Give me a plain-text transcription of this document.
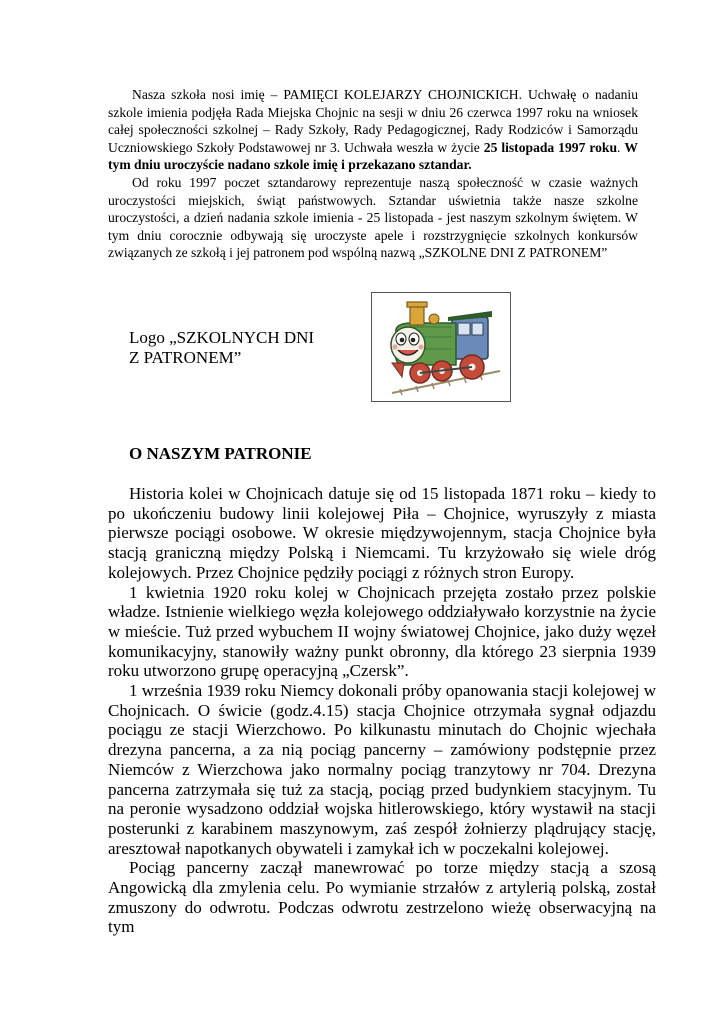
Nasza szkoła nosi imię – PAMIĘCI KOLEJARZY CHOJNICKICH. Uchwałę o nadaniu szkole imienia podjęła Rada Miejska Chojnic na sesji w dniu 26 czerwca 1997 roku na wniosek całej społeczności szkolnej – Rady Szkoły, Rady Pedagogicznej, Rady Rodziców i Samorządu Uczniowskiego Szkoły Podstawowej nr 3. Uchwała weszła w życie 25 listopada 1997 roku. W tym dniu uroczyście nadano szkole imię i przekazano sztandar.

Od roku 1997 poczet sztandarowy reprezentuje naszą społeczność w czasie ważnych uroczystości miejskich, świąt państwowych. Sztandar uświetnia także nasze szkolne uroczystości, a dzień nadania szkole imienia - 25 listopada - jest naszym szkolnym świętem. W tym dniu corocznie odbywają się uroczyste apele i rozstrzygnięcie szkolnych konkursów związanych ze szkołą i jej patronem pod wspólną nazwą „SZKOLNE DNI Z PATRONEM”

Logo „SZKOLNYCH DNI Z PATRONEM”
O NASZYM PATRONIE

Historia kolei w Chojnicach datuje się od 15 listopada 1871 roku – kiedy to po ukończeniu budowy linii kolejowej Piła – Chojnice, wyruszyły z miasta pierwsze pociągi osobowe. W okresie międzywojennym, stacja Chojnice była stacją graniczną między Polską i Niemcami. Tu krzyżowało się wiele dróg kolejowych. Przez Chojnice pędziły pociągi z różnych stron Europy.

1 kwietnia 1920 roku kolej w Chojnicach przejęta zostało przez polskie władze. Istnienie wielkiego węzła kolejowego oddziaływało korzystnie na życie w mieście. Tuż przed wybuchem II wojny światowej Chojnice, jako duży węzeł komunikacyjny, stanowiły ważny punkt obronny, dla którego 23 sierpnia 1939 roku utworzono grupę operacyjną „Czersk”.

1 września 1939 roku Niemcy dokonali próby opanowania stacji kolejowej w Chojnicach. O świcie (godz.4.15) stacja Chojnice otrzymała sygnał odjazdu pociągu ze stacji Wierzchowo. Po kilkunastu minutach do Chojnic wjechała drezyna pancerna, a za nią pociąg pancerny – zamówiony podstępnie przez Niemców z Wierzchowa jako normalny pociąg tranzytowy nr 704. Drezyna pancerna zatrzymała się tuż za stacją, pociąg przed budynkiem stacyjnym. Tu na peronie wysadzono oddział wojska hitlerowskiego, który wystawił na stacji posterunki z karabinem maszynowym, zaś zespół żołnierzy plądrujący stację, aresztował napotkanych obywateli i zamykał ich w poczekalni kolejowej.

Pociąg pancerny zaczął manewrować po torze między stacją a szosą Angowicką dla zmylenia celu. Po wymianie strzałów z artylerią polską, został zmuszony do odwrotu. Podczas odwrotu zestrzelono wieżę obserwacyjną na tym
